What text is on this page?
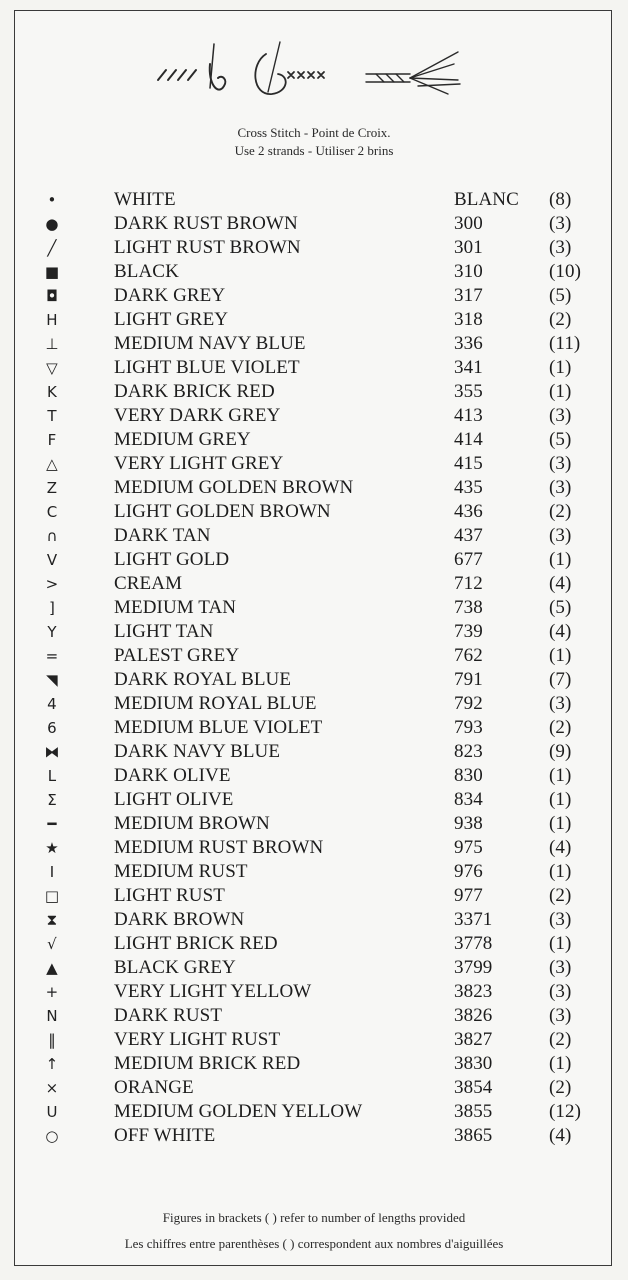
Cross Stitch - Point de Croix.
Use 2 strands - Utiliser 2 brins
•	WHITE	BLANC (8)
●	DARK RUST BROWN	300	(3)
╱	LIGHT RUST BROWN	301	(3)
■	BLACK	310	(10)
◘	DARK GREY	317	(5)
H	LIGHT GREY	318	(2)
⊥	MEDIUM NAVY BLUE	336	(11)
▽	LIGHT BLUE VIOLET	341	(1)
K	DARK BRICK RED	355	(1)
T	VERY DARK GREY	413	(3)
F	MEDIUM GREY	414	(5)
△	VERY LIGHT GREY	415	(3)
Z	MEDIUM GOLDEN BROWN	435	(3)
C	LIGHT GOLDEN BROWN	436	(2)
∩	DARK TAN	437	(3)
V	LIGHT GOLD	677	(1)
>	CREAM	712	(4)
]	MEDIUM TAN	738	(5)
Y	LIGHT TAN	739	(4)
=	PALEST GREY	762	(1)
◥	DARK ROYAL BLUE	791	(7)
4	MEDIUM ROYAL BLUE	792	(3)
6	MEDIUM BLUE VIOLET	793	(2)
⧓	DARK NAVY BLUE	823	(9)
L	DARK OLIVE	830	(1)
Σ	LIGHT OLIVE	834	(1)
━	MEDIUM BROWN	938	(1)
★	MEDIUM RUST BROWN	975	(4)
I	MEDIUM RUST	976	(1)
□	LIGHT RUST	977	(2)
⧗	DARK BROWN	3371	(3)
√	LIGHT BRICK RED	3778	(1)
▲	BLACK GREY	3799	(3)
+	VERY LIGHT YELLOW	3823	(3)
N	DARK RUST	3826	(3)
‖	VERY LIGHT RUST	3827	(2)
↑	MEDIUM BRICK RED	3830	(1)
×	ORANGE	3854	(2)
U	MEDIUM GOLDEN YELLOW	3855	(12)
○	OFF WHITE	3865	(4)
Figures in brackets ( ) refer to number of lengths provided
Les chiffres entre parenthèses ( ) correspondent aux nombres d'aiguillées
